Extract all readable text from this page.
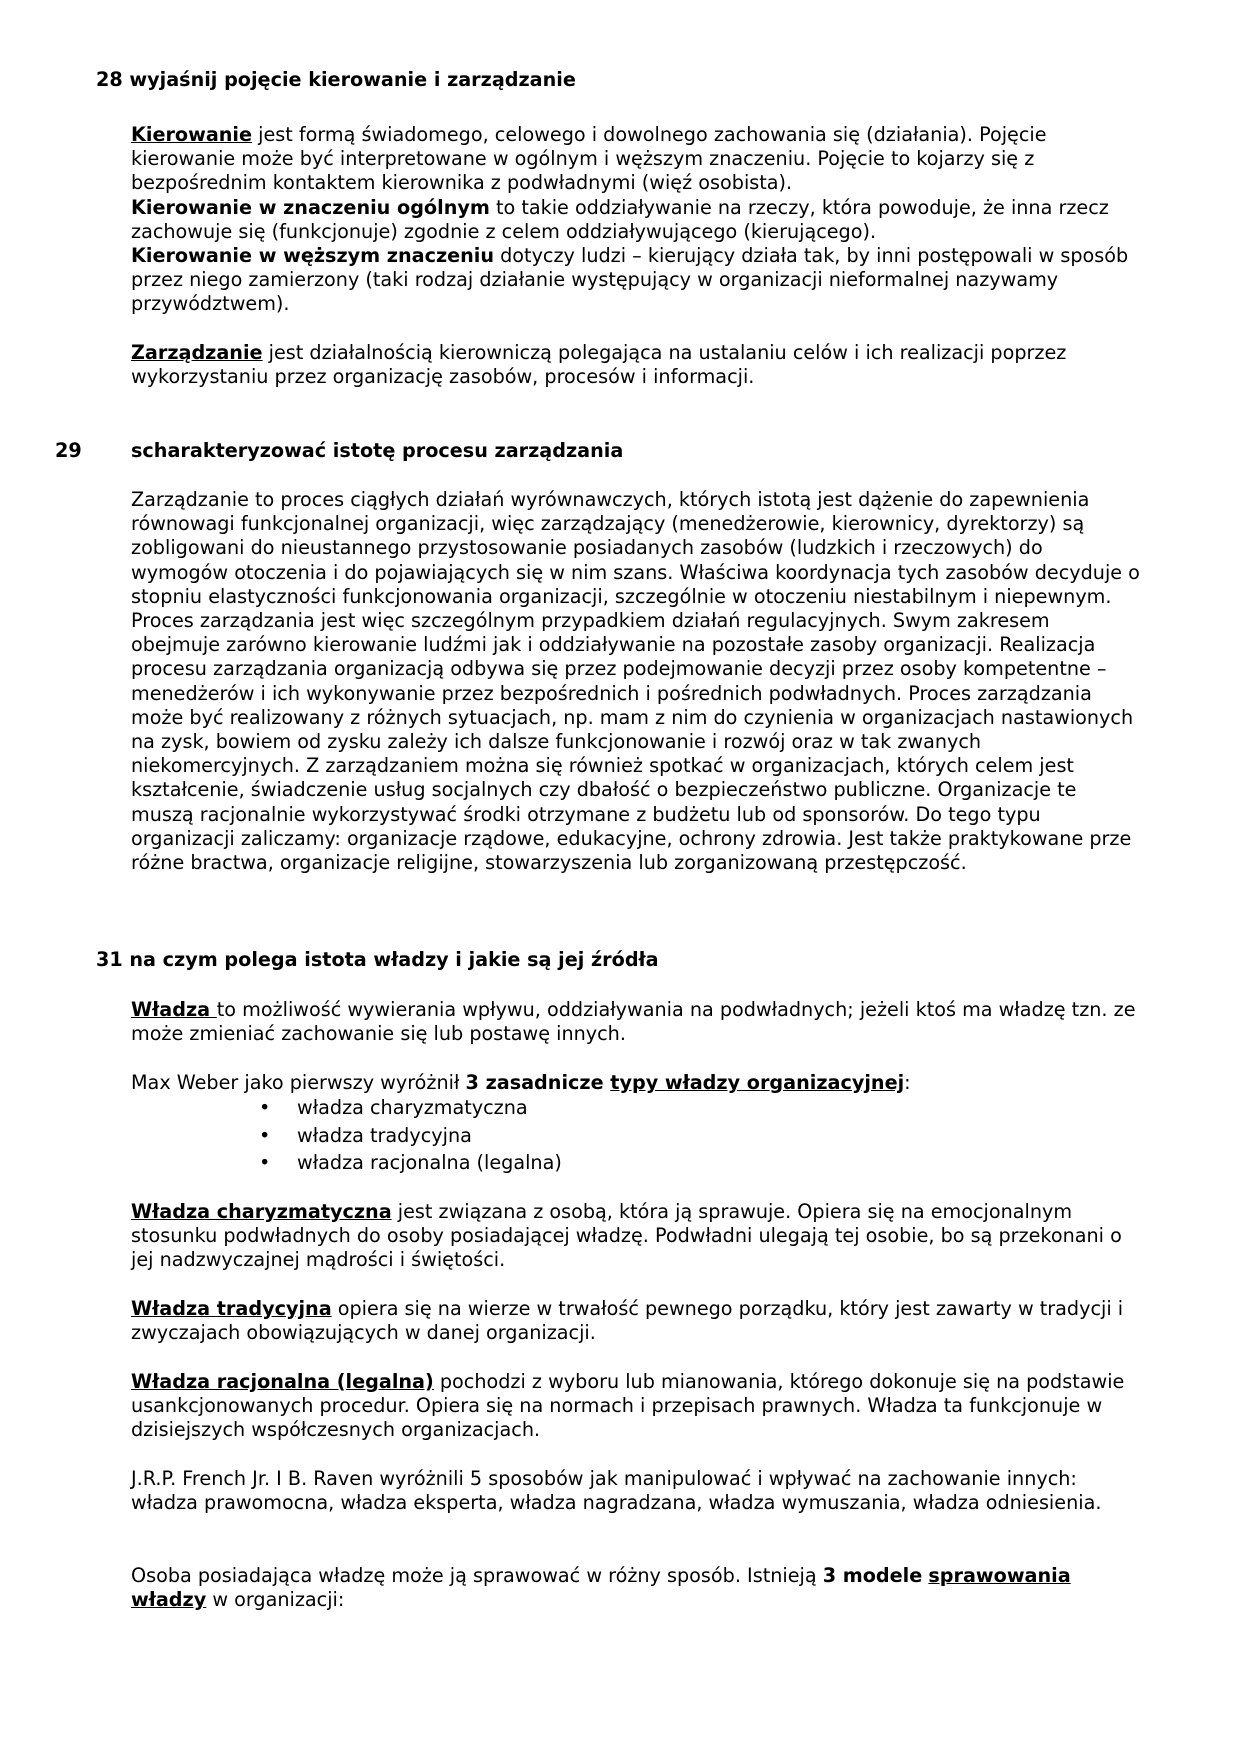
28 wyjaśnij pojęcie kierowanie i zarządzanie

Kierowanie jest formą świadomego, celowego i dowolnego zachowania się (działania). Pojęcie kierowanie może być interpretowane w ogólnym i węższym znaczeniu. Pojęcie to kojarzy się z bezpośrednim kontaktem kierownika z podwładnymi (więź osobista).
Kierowanie w znaczeniu ogólnym to takie oddziaływanie na rzeczy, która powoduje, że inna rzecz zachowuje się (funkcjonuje) zgodnie z celem oddziaływującego (kierującego).
Kierowanie w węższym znaczeniu dotyczy ludzi – kierujący działa tak, by inni postępowali w sposób przez niego zamierzony (taki rodzaj działanie występujący w organizacji nieformalnej nazywamy przywództwem).

Zarządzanie jest działalnością kierowniczą polegająca na ustalaniu celów i ich realizacji poprzez wykorzystaniu przez organizację zasobów, procesów i informacji.

29	scharakteryzować istotę procesu zarządzania

Zarządzanie to proces ciągłych działań wyrównawczych, których istotą jest dążenie do zapewnienia równowagi funkcjonalnej organizacji, więc zarządzający (menedżerowie, kierownicy, dyrektorzy) są zobligowani do nieustannego przystosowanie posiadanych zasobów (ludzkich i rzeczowych) do wymogów otoczenia i do pojawiających się w nim szans. Właściwa koordynacja tych zasobów decyduje o stopniu elastyczności funkcjonowania organizacji, szczególnie w otoczeniu niestabilnym i niepewnym. Proces zarządzania jest więc szczególnym przypadkiem działań regulacyjnych. Swym zakresem obejmuje zarówno kierowanie ludźmi jak i oddziaływanie na pozostałe zasoby organizacji. Realizacja procesu zarządzania organizacją odbywa się przez podejmowanie decyzji przez osoby kompetentne – menedżerów i ich wykonywanie przez bezpośrednich i pośrednich podwładnych. Proces zarządzania może być realizowany z różnych sytuacjach, np. mam z nim do czynienia w organizacjach nastawionych na zysk, bowiem od zysku zależy ich dalsze funkcjonowanie i rozwój oraz w tak zwanych niekomercyjnych. Z zarządzaniem można się również spotkać w organizacjach, których celem jest kształcenie, świadczenie usług socjalnych czy dbałość o bezpieczeństwo publiczne. Organizacje te muszą racjonalnie wykorzystywać środki otrzymane z budżetu lub od sponsorów. Do tego typu organizacji zaliczamy: organizacje rządowe, edukacyjne, ochrony zdrowia. Jest także praktykowane prze różne bractwa, organizacje religijne, stowarzyszenia lub zorganizowaną przestępczość.

31 na czym polega istota władzy i jakie są jej źródła

Władza to możliwość wywierania wpływu, oddziaływania na podwładnych; jeżeli ktoś ma władzę tzn. ze może zmieniać zachowanie się lub postawę innych.

Max Weber jako pierwszy wyróżnił 3 zasadnicze typy władzy organizacyjnej:

• władza charyzmatyczna
• władza tradycyjna
• władza racjonalna (legalna)

Władza charyzmatyczna jest związana z osobą, która ją sprawuje. Opiera się na emocjonalnym stosunku podwładnych do osoby posiadającej władzę. Podwładni ulegają tej osobie, bo są przekonani o jej nadzwyczajnej mądrości i świętości.

Władza tradycyjna opiera się na wierze w trwałość pewnego porządku, który jest zawarty w tradycji i zwyczajach obowiązujących w danej organizacji.

Władza racjonalna (legalna) pochodzi z wyboru lub mianowania, którego dokonuje się na podstawie usankcjonowanych procedur. Opiera się na normach i przepisach prawnych. Władza ta funkcjonuje w dzisiejszych współczesnych organizacjach.

J.R.P. French Jr. I B. Raven wyróżnili 5 sposobów jak manipulować i wpływać na zachowanie innych: władza prawomocna, władza eksperta, władza nagradzana, władza wymuszania, władza odniesienia.

Osoba posiadająca władzę może ją sprawować w różny sposób. Istnieją 3 modele sprawowania władzy w organizacji:
